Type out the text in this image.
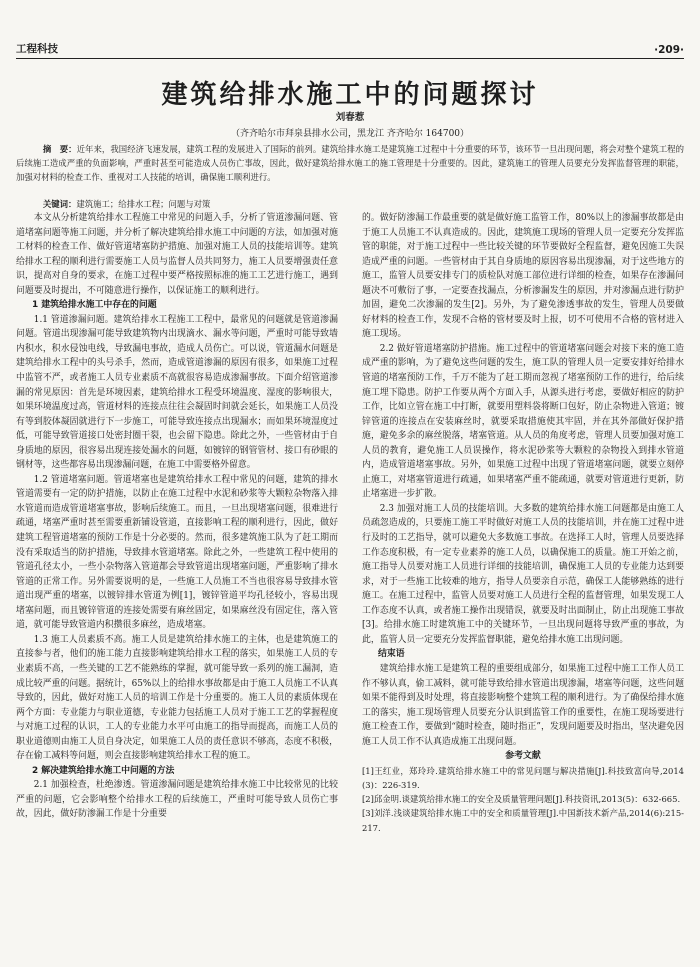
工程科技	·209·
建筑给排水施工中的问题探讨
刘春惹
（齐齐哈尔市拜泉县排水公司，黑龙江 齐齐哈尔 164700）
摘　要：近年来，我国经济飞速发展，建筑工程的发展进入了国际的前列。建筑给排水施工是建筑施工过程中十分重要的环节，该环节一旦出现问题，将会对整个建筑工程的后续施工造成严重的负面影响，严重时甚至可能造成人员伤亡事故，因此，做好建筑给排水施工的施工管理是十分重要的。因此，建筑施工的管理人员要充分发挥监督管理的职能，加强对材料的检查工作、重视对工人技能的培训，确保施工顺利进行。
关键词：建筑施工；给排水工程；问题与对策

本文从分析建筑给排水工程施工中常见的问题入手，分析了管道渗漏问题、管道堵塞问题等施工问题，并分析了解决建筑给排水施工中问题的方法，如加强对施工材料的检查工作、做好管道堵塞防护措施、加强对施工人员的技能培训等。建筑给排水工程的顺利进行需要施工人员与监督人员共同努力，施工人员要增强责任意识，提高对自身的要求，在施工过程中要严格按照标准的施工工艺进行施工，遇到问题要及时提出，不可随意进行操作，以保证施工的顺利进行。

1 建筑给排水施工中存在的问题

1.1 管道渗漏问题。建筑给排水工程施工工程中，最常见的问题就是管道渗漏问题。管道出现渗漏可能导致建筑物内出现滴水、漏水等问题，严重时可能导致墙内积水，积水侵蚀电线，导致漏电事故，造成人员伤亡。可以说，管道漏水问题是建筑给排水工程中的头号杀手，然而，造成管道渗漏的原因有很多，如果施工过程中监管不严，或者施工人员专业素质不高就很容易造成渗漏事故。下面介绍管道渗漏的常见原因：首先是环境因素，建筑给排水工程受环境温度、湿度的影响很大，如果环境温度过高，管道材料的连接点往往会凝固时间就会延长，如果施工人员没有等到胶体凝固就进行下一步施工，可能导致连接点出现漏水；而如果环境湿度过低，可能导致管道接口处密封圈干裂，也会留下隐患。除此之外，一些管材由于自身质地的原因，很容易出现连接处漏水的问题，如镀锌的钢管管材、接口有砂眼的钢材等，这些都容易出现渗漏问题，在施工中需要格外留意。

1.2 管道堵塞问题。管道堵塞也是建筑给排水工程中常见的问题，建筑的排水管道需要有一定的防护措施，以防止在施工过程中水泥和砂浆等大颗粒杂物落入排水管道而造成管道堵塞事故，影响后续施工。而且，一旦出现堵塞问题，很难进行疏通，堵塞严重时甚至需要重新铺设管道，直接影响工程的顺利进行，因此，做好建筑工程管道堵塞的预防工作是十分必要的。然而，很多建筑施工队为了赶工期而没有采取适当的防护措施，导致排水管道堵塞。除此之外，一些建筑工程中使用的管道孔径太小，一些小杂物落入管道都会导致管道出现堵塞问题，严重影响了排水管道的正常工作。另外需要说明的是，一些施工人员施工不当也很容易导致排水管道出现严重的堵塞，以镀锌排水管道为例[1]，镀锌管道平均孔径较小，容易出现堵塞问题，而且镀锌管道的连接处需要有麻丝固定，如果麻丝没有固定住，落入管道，就可能导致管道内积攒很多麻丝，造成堵塞。

1.3 施工人员素质不高。施工人员是建筑给排水施工的主体，也是建筑施工的直接参与者，他们的施工能力直接影响建筑给排水工程的落实，如果施工人员的专业素质不高，一些关键的工艺不能熟练的掌握，就可能导致一系列的施工漏洞，造成比较严重的问题。据统计，65%以上的给排水事故都是由于施工人员施工不认真导致的，因此，做好对施工人员的培训工作是十分重要的。施工人员的素质体现在两个方面：专业能力与职业道德，专业能力包括施工人员对于施工工艺的掌握程度与对施工过程的认识，工人的专业能力水平可由施工的指导而提高，而施工人员的职业道德则由施工人员自身决定，如果施工人员的责任意识不够高，态度不积极，存在偷工减料等问题，则会直接影响建筑给排水工程的施工。

2 解决建筑给排水施工中问题的方法

2.1 加强检查，杜绝渗透。管道渗漏问题是建筑给排水施工中比较常见的比较严重的问题，它会影响整个给排水工程的后续施工，严重时可能导致人员伤亡事故，因此，做好防渗漏工作是十分重要

的。做好防渗漏工作最重要的就是做好施工监管工作，80%以上的渗漏事故都是由于施工人员施工不认真造成的。因此，建筑施工现场的管理人员一定要充分发挥监管的职能，对于施工过程中一些比较关键的环节要做好全程监督，避免因施工失误造成严重的问题。一些管材由于其自身质地的原因容易出现渗漏，对于这些地方的施工，监管人员要安排专门的质检队对施工部位进行详细的检查，如果存在渗漏问题决不可敷衍了事，一定要查找漏点，分析渗漏发生的原因，并对渗漏点进行防护加固，避免二次渗漏的发生[2]。另外，为了避免渗透事故的发生，管理人员要做好材料的检查工作，发现不合格的管材要及时上报，切不可使用不合格的管材进入施工现场。

2.2 做好管道堵塞防护措施。施工过程中的管道堵塞问题会对接下来的施工造成严重的影响，为了避免这些问题的发生，施工队的管理人员一定要安排好给排水管道的堵塞预防工作，千万不能为了赶工期而忽视了堵塞预防工作的进行，给后续施工埋下隐患。防护工作要从两个方面入手，从源头进行考虑，要做好相应的防护工作，比如立管在施工中打断，就要用塑料袋将断口包好，防止杂物进入管道；镀锌管道的连接点在安装麻丝时，就要采取措施使其牢固，并在其外部做好保护措施，避免多余的麻丝脱落，堵塞管道。从人员的角度考虑，管理人员要加强对施工人员的教育，避免施工人员误操作，将水泥砂浆等大颗粒的杂物投入到排水管道内，造成管道堵塞事故。另外，如果施工过程中出现了管道堵塞问题，就要立刻停止施工，对堵塞管道进行疏通，如果堵塞严重不能疏通，就要对管道进行更新，防止堵塞进一步扩散。

2.3 加强对施工人员的技能培训。大多数的建筑给排水施工问题都是由施工人员疏忽造成的，只要施工施工平时做好对施工人员的技能培训，并在施工过程中进行及时的工艺指导，就可以避免大多数施工事故。在选择工人时，管理人员要选择工作态度积极，有一定专业素养的施工人员，以确保施工的质量。施工开始之前，施工指导人员要对施工人员进行详细的技能培训，确保施工人员的专业能力达到要求，对于一些施工比较难的地方，指导人员要亲自示范，确保工人能够熟练的进行施工。在施工过程中，监管人员要对施工人员进行全程的监督管理，如果发现工人工作态度不认真，或者施工操作出现错误，就要及时出面制止，防止出现施工事故[3]。给排水施工时建筑施工中的关键环节，一旦出现问题将导致严重的事故，为此，监管人员一定要充分发挥监督职能，避免给排水施工出现问题。

结束语

建筑给排水施工是建筑工程的重要组成部分，如果施工过程中施工工作人员工作不够认真，偷工减料，就可能导致给排水管道出现渗漏，堵塞等问题，这些问题如果不能得到及时处理，将直接影响整个建筑工程的顺利进行。为了确保给排水施工的落实，施工现场管理人员要充分认识到监管工作的重要性，在施工现场要进行施工检查工作，要做到“随时检查，随时指正”，发现问题要及时指出，坚决避免因施工人员工作不认真造成施工出现问题。

参考文献
[1]王红业，郑玲玲.建筑给排水施工中的常见问题与解决措施[J].科技致富向导,2014(3)：226-319.
[2]邱金明.谈建筑给排水施工的安全及质量管理问题[J].科技资讯,2013(5)：632-665.
[3]刘洋.浅谈建筑给排水施工中的安全和质量管理[J].中国新技术新产品,2014(6):215-217.
